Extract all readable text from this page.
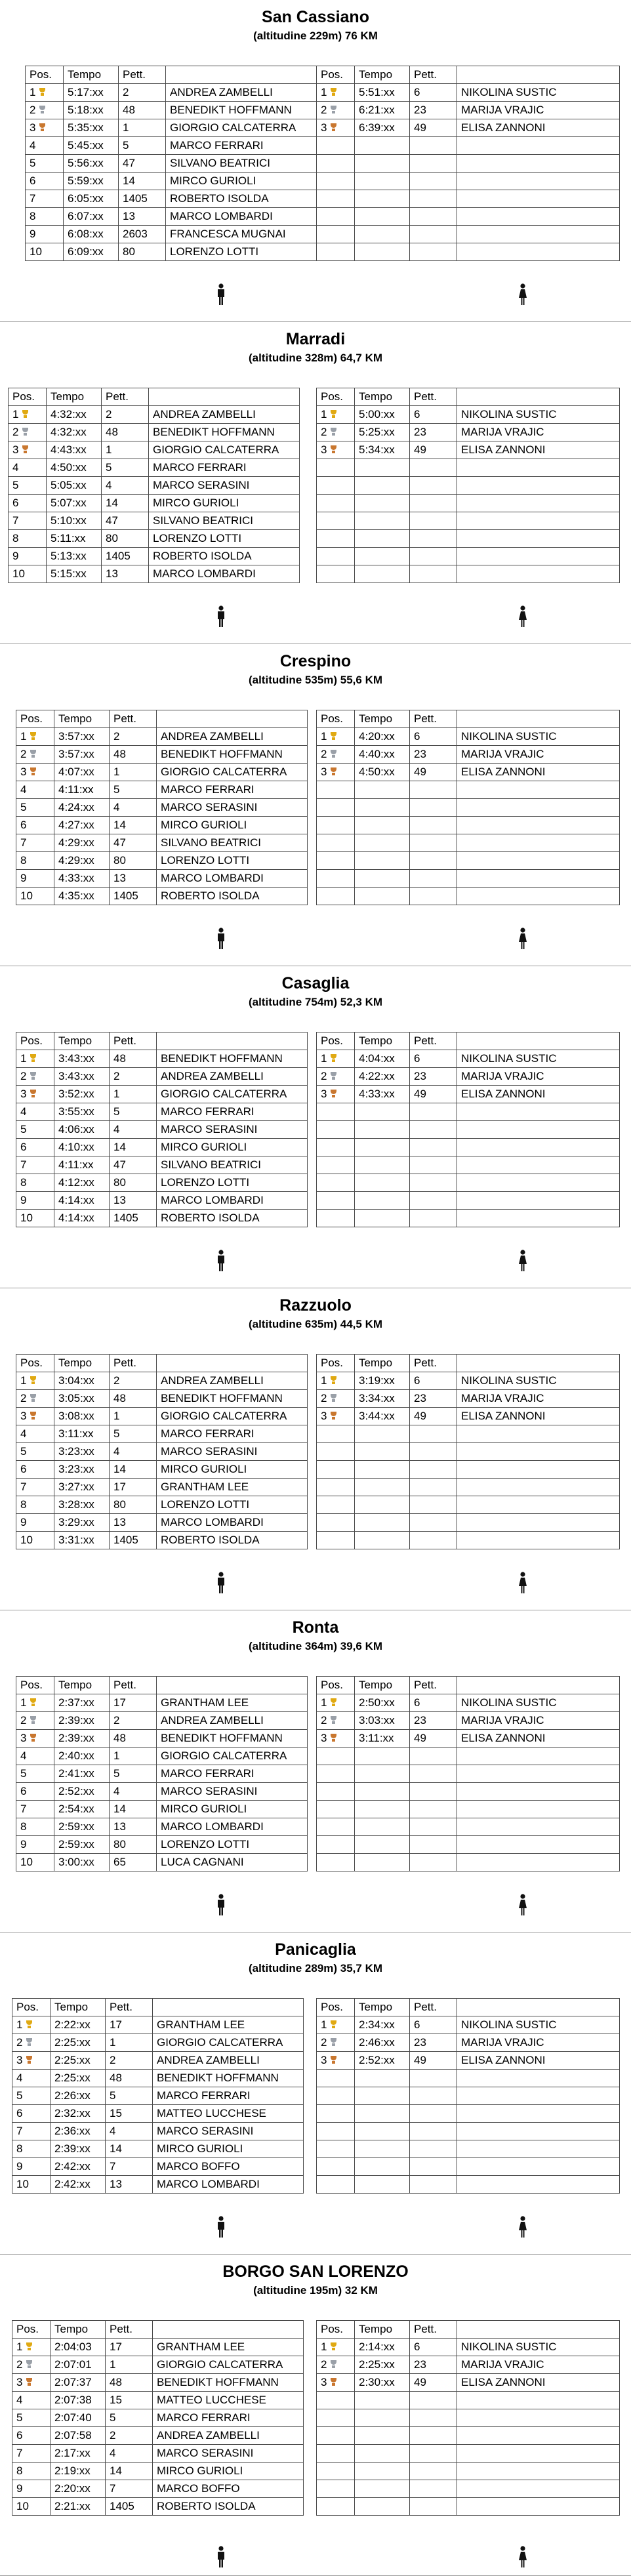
San Cassiano
(altitudine 229m) 76 KM
Pos.	Tempo	Pett.	
1	5:17:xx	2	ANDREA ZAMBELLI
2	5:18:xx	48	BENEDIKT HOFFMANN
3	5:35:xx	1	GIORGIO CALCATERRA
4	5:45:xx	5	MARCO FERRARI
5	5:56:xx	47	SILVANO BEATRICI
6	5:59:xx	14	MIRCO GURIOLI
7	6:05:xx	1405	ROBERTO ISOLDA
8	6:07:xx	13	MARCO LOMBARDI
9	6:08:xx	2603	FRANCESCA MUGNAI
10	6:09:xx	80	LORENZO LOTTI
Pos.	Tempo	Pett.	
1	5:51:xx	6	NIKOLINA SUSTIC
2	6:21:xx	23	MARIJA VRAJIC
3	6:39:xx	49	ELISA ZANNONI

Marradi
(altitudine 328m) 64,7 KM
Pos.	Tempo	Pett.	
1	4:32:xx	2	ANDREA ZAMBELLI
2	4:32:xx	48	BENEDIKT HOFFMANN
3	4:43:xx	1	GIORGIO CALCATERRA
4	4:50:xx	5	MARCO FERRARI
5	5:05:xx	4	MARCO SERASINI
6	5:07:xx	14	MIRCO GURIOLI
7	5:10:xx	47	SILVANO BEATRICI
8	5:11:xx	80	LORENZO LOTTI
9	5:13:xx	1405	ROBERTO ISOLDA
10	5:15:xx	13	MARCO LOMBARDI
Pos.	Tempo	Pett.	
1	5:00:xx	6	NIKOLINA SUSTIC
2	5:25:xx	23	MARIJA VRAJIC
3	5:34:xx	49	ELISA ZANNONI

Crespino
(altitudine 535m) 55,6 KM
Pos.	Tempo	Pett.	
1	3:57:xx	2	ANDREA ZAMBELLI
2	3:57:xx	48	BENEDIKT HOFFMANN
3	4:07:xx	1	GIORGIO CALCATERRA
4	4:11:xx	5	MARCO FERRARI
5	4:24:xx	4	MARCO SERASINI
6	4:27:xx	14	MIRCO GURIOLI
7	4:29:xx	47	SILVANO BEATRICI
8	4:29:xx	80	LORENZO LOTTI
9	4:33:xx	13	MARCO LOMBARDI
10	4:35:xx	1405	ROBERTO ISOLDA
Pos.	Tempo	Pett.	
1	4:20:xx	6	NIKOLINA SUSTIC
2	4:40:xx	23	MARIJA VRAJIC
3	4:50:xx	49	ELISA ZANNONI

Casaglia
(altitudine 754m) 52,3 KM
Pos.	Tempo	Pett.	
1	3:43:xx	48	BENEDIKT HOFFMANN
2	3:43:xx	2	ANDREA ZAMBELLI
3	3:52:xx	1	GIORGIO CALCATERRA
4	3:55:xx	5	MARCO FERRARI
5	4:06:xx	4	MARCO SERASINI
6	4:10:xx	14	MIRCO GURIOLI
7	4:11:xx	47	SILVANO BEATRICI
8	4:12:xx	80	LORENZO LOTTI
9	4:14:xx	13	MARCO LOMBARDI
10	4:14:xx	1405	ROBERTO ISOLDA
Pos.	Tempo	Pett.	
1	4:04:xx	6	NIKOLINA SUSTIC
2	4:22:xx	23	MARIJA VRAJIC
3	4:33:xx	49	ELISA ZANNONI

Razzuolo
(altitudine 635m) 44,5 KM
Pos.	Tempo	Pett.	
1	3:04:xx	2	ANDREA ZAMBELLI
2	3:05:xx	48	BENEDIKT HOFFMANN
3	3:08:xx	1	GIORGIO CALCATERRA
4	3:11:xx	5	MARCO FERRARI
5	3:23:xx	4	MARCO SERASINI
6	3:23:xx	14	MIRCO GURIOLI
7	3:27:xx	17	GRANTHAM LEE
8	3:28:xx	80	LORENZO LOTTI
9	3:29:xx	13	MARCO LOMBARDI
10	3:31:xx	1405	ROBERTO ISOLDA
Pos.	Tempo	Pett.	
1	3:19:xx	6	NIKOLINA SUSTIC
2	3:34:xx	23	MARIJA VRAJIC
3	3:44:xx	49	ELISA ZANNONI

Ronta
(altitudine 364m) 39,6 KM
Pos.	Tempo	Pett.	
1	2:37:xx	17	GRANTHAM LEE
2	2:39:xx	2	ANDREA ZAMBELLI
3	2:39:xx	48	BENEDIKT HOFFMANN
4	2:40:xx	1	GIORGIO CALCATERRA
5	2:41:xx	5	MARCO FERRARI
6	2:52:xx	4	MARCO SERASINI
7	2:54:xx	14	MIRCO GURIOLI
8	2:59:xx	13	MARCO LOMBARDI
9	2:59:xx	80	LORENZO LOTTI
10	3:00:xx	65	LUCA CAGNANI
Pos.	Tempo	Pett.	
1	2:50:xx	6	NIKOLINA SUSTIC
2	3:03:xx	23	MARIJA VRAJIC
3	3:11:xx	49	ELISA ZANNONI

Panicaglia
(altitudine 289m) 35,7 KM
Pos.	Tempo	Pett.	
1	2:22:xx	17	GRANTHAM LEE
2	2:25:xx	1	GIORGIO CALCATERRA
3	2:25:xx	2	ANDREA ZAMBELLI
4	2:25:xx	48	BENEDIKT HOFFMANN
5	2:26:xx	5	MARCO FERRARI
6	2:32:xx	15	MATTEO LUCCHESE
7	2:36:xx	4	MARCO SERASINI
8	2:39:xx	14	MIRCO GURIOLI
9	2:42:xx	7	MARCO BOFFO
10	2:42:xx	13	MARCO LOMBARDI
Pos.	Tempo	Pett.	
1	2:34:xx	6	NIKOLINA SUSTIC
2	2:46:xx	23	MARIJA VRAJIC
3	2:52:xx	49	ELISA ZANNONI

BORGO SAN LORENZO
(altitudine 195m) 32 KM
Pos.	Tempo	Pett.	
1	2:04:03	17	GRANTHAM LEE
2	2:07:01	1	GIORGIO CALCATERRA
3	2:07:37	48	BENEDIKT HOFFMANN
4	2:07:38	15	MATTEO LUCCHESE
5	2:07:40	5	MARCO FERRARI
6	2:07:58	2	ANDREA ZAMBELLI
7	2:17:xx	4	MARCO SERASINI
8	2:19:xx	14	MIRCO GURIOLI
9	2:20:xx	7	MARCO BOFFO
10	2:21:xx	1405	ROBERTO ISOLDA
Pos.	Tempo	Pett.	
1	2:14:xx	6	NIKOLINA SUSTIC
2	2:25:xx	23	MARIJA VRAJIC
3	2:30:xx	49	ELISA ZANNONI
